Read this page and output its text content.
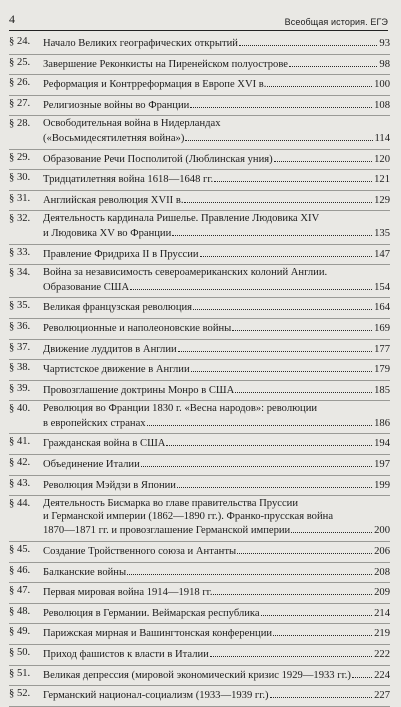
4	Всеобщая история. ЕГЭ
§ 24.	Начало Великих географических открытий	93
§ 25.	Завершение Реконкисты на Пиренейском полуострове	98
§ 26.	Реформация и Контрреформация в Европе XVI в.	100
§ 27.	Религиозные войны во Франции	108
§ 28.	Освободительная война в Нидерландах
(«Восьмидесятилетняя война»)	114
§ 29.	Образование Речи Посполитой (Люблинская уния)	120
§ 30.	Тридцатилетняя война 1618—1648 гг.	121
§ 31.	Английская революция XVII в.	129
§ 32.	Деятельность кардинала Ришелье. Правление Людовика XIV
и Людовика XV во Франции	135
§ 33.	Правление Фридриха II в Пруссии	147
§ 34.	Война за независимость североамериканских колоний Англии.
Образование США	154
§ 35.	Великая французская революция	164
§ 36.	Революционные и наполеоновские войны	169
§ 37.	Движение луддитов в Англии	177
§ 38.	Чартистское движение в Англии	179
§ 39.	Провозглашение доктрины Монро в США	185
§ 40.	Революция во Франции 1830 г. «Весна народов»: революции
в европейских странах	186
§ 41.	Гражданская война в США	194
§ 42.	Объединение Италии	197
§ 43.	Революция Мэйдзи в Японии	199
§ 44.	Деятельность Бисмарка во главе правительства Пруссии
и Германской империи (1862—1890 гг.). Франко-прусская война
1870—1871 гг. и провозглашение Германской империи	200
§ 45.	Создание Тройственного союза и Антанты	206
§ 46.	Балканские войны	208
§ 47.	Первая мировая война 1914—1918 гг.	209
§ 48.	Революция в Германии. Веймарская республика	214
§ 49.	Парижская мирная и Вашингтонская конференции	219
§ 50.	Приход фашистов к власти в Италии	222
§ 51.	Великая депрессия (мировой экономический кризис 1929—1933 гг.) 224
§ 52.	Германский национал-социализм (1933—1939 гг.)	227
